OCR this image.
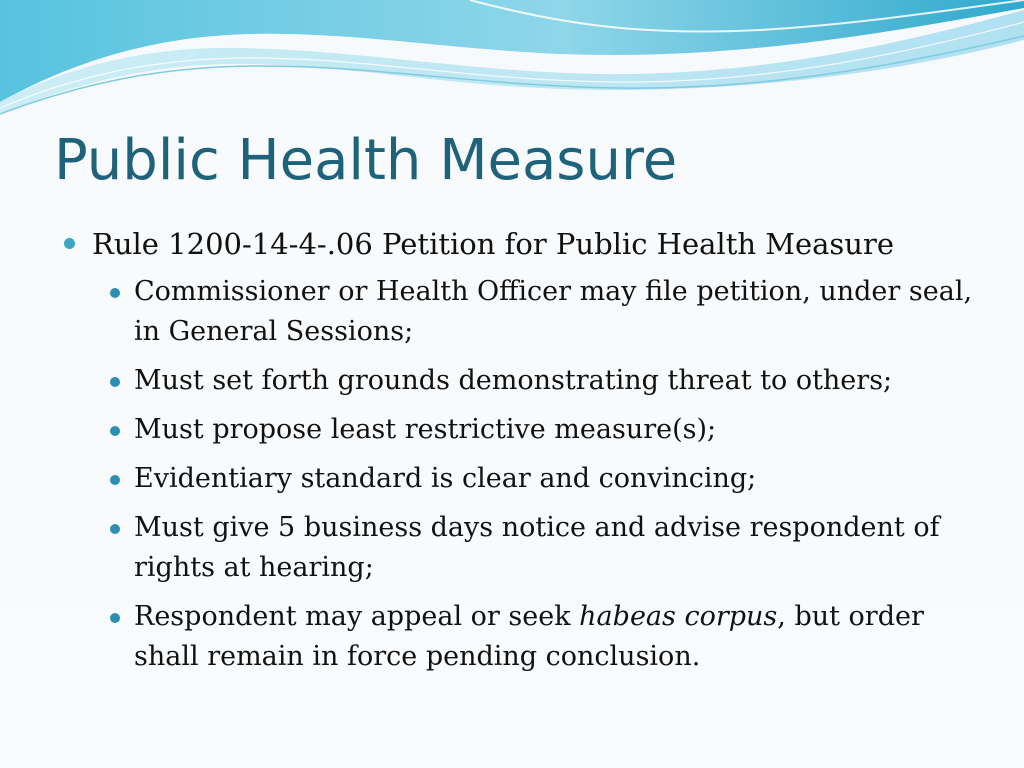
Public Health Measure
Rule 1200-14-4-.06 Petition for Public Health Measure
Commissioner or Health Officer may file petition, under seal, in General Sessions;
Must set forth grounds demonstrating threat to others;
Must propose least restrictive measure(s);
Evidentiary standard is clear and convincing;
Must give 5 business days notice and advise respondent of rights at hearing;
Respondent may appeal or seek habeas corpus, but order shall remain in force pending conclusion.
